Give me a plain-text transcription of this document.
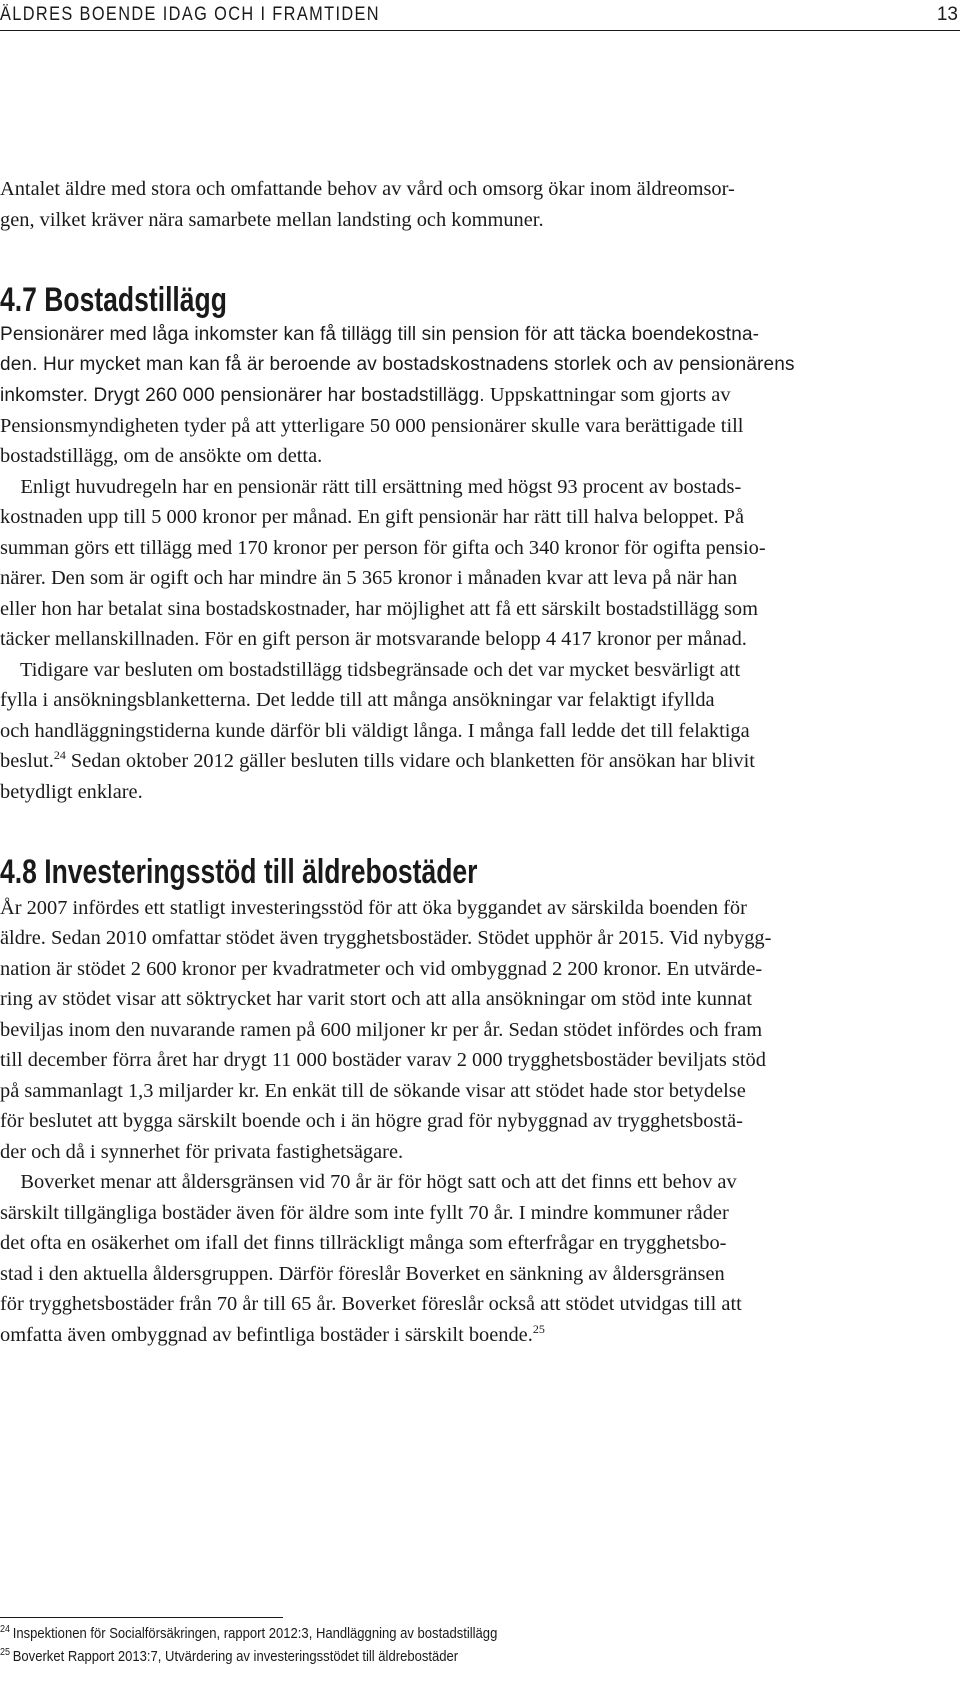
ÄLDRES BOENDE IDAG OCH I FRAMTIDEN	13

Antalet äldre med stora och omfattande behov av vård och omsorg ökar inom äldreomsor-

gen, vilket kräver nära samarbete mellan landsting och kommuner.

4.7 Bostadstillägg

Pensionärer med låga inkomster kan få tillägg till sin pension för att täcka boendekostna-

den. Hur mycket man kan få är beroende av bostadskostnadens storlek och av pensionärens

inkomster. Drygt 260 000 pensionärer har bostadstillägg. Uppskattningar som gjorts av

Pensionsmyndigheten tyder på att ytterligare 50 000 pensionärer skulle vara berättigade till

bostadstillägg, om de ansökte om detta.

Enligt huvudregeln har en pensionär rätt till ersättning med högst 93 procent av bostads-

kostnaden upp till 5 000 kronor per månad. En gift pensionär har rätt till halva beloppet. På

summan görs ett tillägg med 170 kronor per person för gifta och 340 kronor för ogifta pensio-

närer. Den som är ogift och har mindre än 5 365 kronor i månaden kvar att leva på när han

eller hon har betalat sina bostadskostnader, har möjlighet att få ett särskilt bostadstillägg som

täcker mellanskillnaden. För en gift person är motsvarande belopp 4 417 kronor per månad.

Tidigare var besluten om bostadstillägg tidsbegränsade och det var mycket besvärligt att

fylla i ansökningsblanketterna. Det ledde till att många ansökningar var felaktigt ifyllda

och handläggningstiderna kunde därför bli väldigt långa. I många fall ledde det till felaktiga

beslut.$^{24}$ Sedan oktober 2012 gäller besluten tills vidare och blanketten för ansökan har blivit

betydligt enklare.

4.8 Investeringsstöd till äldrebostäder

År 2007 infördes ett statligt investeringsstöd för att öka byggandet av särskilda boenden för

äldre. Sedan 2010 omfattar stödet även trygghetsbostäder. Stödet upphör år 2015. Vid nybygg-

nation är stödet 2 600 kronor per kvadratmeter och vid ombyggnad 2 200 kronor. En utvärde-

ring av stödet visar att söktrycket har varit stort och att alla ansökningar om stöd inte kunnat

beviljas inom den nuvarande ramen på 600 miljoner kr per år. Sedan stödet infördes och fram

till december förra året har drygt 11 000 bostäder varav 2 000 trygghetsbostäder beviljats stöd

på sammanlagt 1,3 miljarder kr. En enkät till de sökande visar att stödet hade stor betydelse

för beslutet att bygga särskilt boende och i än högre grad för nybyggnad av trygghetsbostä-

der och då i synnerhet för privata fastighetsägare.

Boverket menar att åldersgränsen vid 70 år är för högt satt och att det finns ett behov av

särskilt tillgängliga bostäder även för äldre som inte fyllt 70 år. I mindre kommuner råder

det ofta en osäkerhet om ifall det finns tillräckligt många som efterfrågar en trygghetsbo-

stad i den aktuella åldersgruppen. Därför föreslår Boverket en sänkning av åldersgränsen

för trygghetsbostäder från 70 år till 65 år. Boverket föreslår också att stödet utvidgas till att

omfatta även ombyggnad av befintliga bostäder i särskilt boende.$^{25}$

$^{24}$ Inspektionen för Socialförsäkringen, rapport 2012:3, Handläggning av bostadstillägg
$^{25}$ Boverket Rapport 2013:7, Utvärdering av investeringsstödet till äldrebostäder
